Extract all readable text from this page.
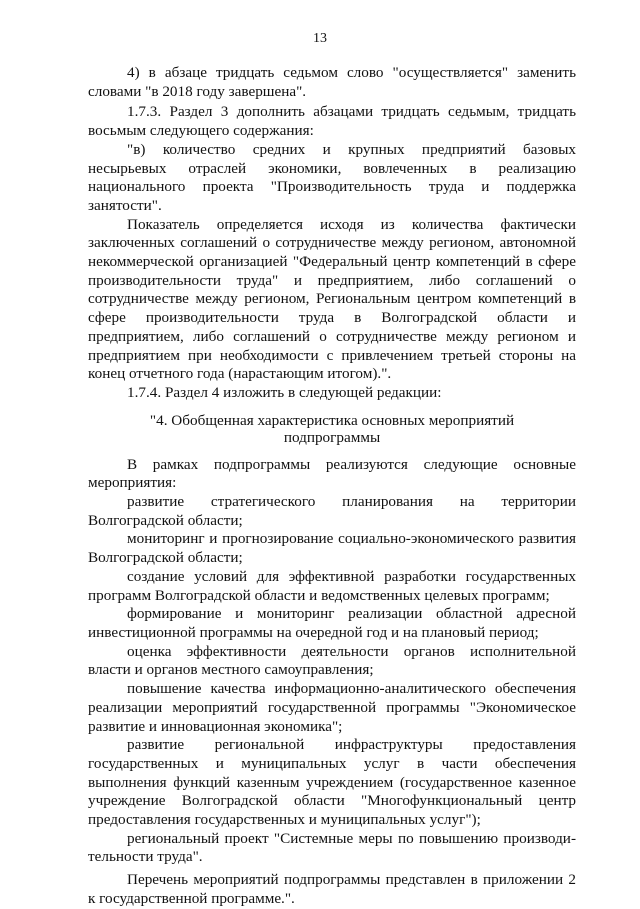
13

4) в абзаце тридцать седьмом слово "осуществляется" заменить словами "в 2018 году завершена".

1.7.3. Раздел 3 дополнить абзацами тридцать седьмым, тридцать восьмым следующего содержания:

"в) количество средних и крупных предприятий базовых несырьевых отраслей экономики, вовлеченных в реализацию национального проекта "Производительность труда и поддержка занятости".

Показатель определяется исходя из количества фактически заключенных соглашений о сотрудничестве между регионом, автономной некоммерческой организацией "Федеральный центр компетенций в сфере производительности труда" и предприятием, либо соглашений о сотрудничестве между регионом, Региональным центром компетенций в сфере производительности труда в Волгоградской области и предприятием, либо соглашений о сотрудничестве между регионом и предприятием при необходимости с привлечением третьей стороны на конец отчетного года (нарастающим итогом).".

1.7.4. Раздел 4 изложить в следующей редакции:

"4. Обобщенная характеристика основных мероприятий
подпрограммы

В рамках подпрограммы реализуются следующие основные мероприятия:

развитие стратегического планирования на территории Волгоградской области;

мониторинг и прогнозирование социально-экономического развития Волгоградской области;

создание условий для эффективной разработки государственных программ Волгоградской области и ведомственных целевых программ;

формирование и мониторинг реализации областной адресной инвестиционной программы на очередной год и на плановый период;

оценка эффективности деятельности органов исполнительной власти и органов местного самоуправления;

повышение качества информационно-аналитического обеспечения реализации мероприятий государственной программы "Экономическое развитие и инновационная экономика";

развитие региональной инфраструктуры предоставления государственных и муниципальных услуг в части обеспечения выполнения функций казенным учреждением (государственное казенное учреждение Волгоградской области "Многофункциональный центр предоставления государственных и муниципальных услуг");

региональный проект "Системные меры по повышению производительности труда".

Перечень мероприятий подпрограммы представлен в приложении 2 к государственной программе.".
